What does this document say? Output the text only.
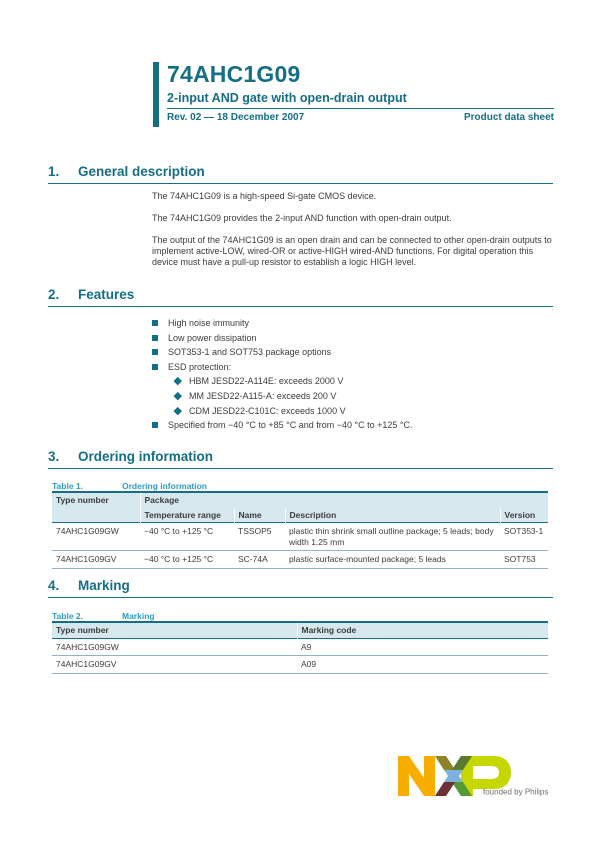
74AHC1G09
2-input AND gate with open-drain output
Rev. 02 — 18 December 2007	Product data sheet
1. General description

The 74AHC1G09 is a high-speed Si-gate CMOS device.

The 74AHC1G09 provides the 2-input AND function with open-drain output.

The output of the 74AHC1G09 is an open drain and can be connected to other open-drain outputs to implement active-LOW, wired-OR or active-HIGH wired-AND functions. For digital operation this device must have a pull-up resistor to establish a logic HIGH level.

2. Features
High noise immunity
Low power dissipation
SOT353-1 and SOT753 package options
ESD protection:
HBM JESD22-A114E: exceeds 2000 V
MM JESD22-A115-A: exceeds 200 V
CDM JESD22-C101C: exceeds 1000 V
Specified from −40 °C to +85 °C and from −40 °C to +125 °C.
3. Ordering information
Table 1.	Ordering information
Type number	Package			
	Temperature range	Name	Description	Version
74AHC1G09GW	−40 °C to +125 °C	TSSOP5	plastic thin shrink small outline package; 5 leads; body width 1.25 mm	SOT353-1
74AHC1G09GV	−40 °C to +125 °C	SC-74A	plastic surface-mounted package; 5 leads	SOT753
4. Marking
Table 2.	Marking
Type number	Marking code
74AHC1G09GW	A9
74AHC1G09GV	A09
founded by Philips
